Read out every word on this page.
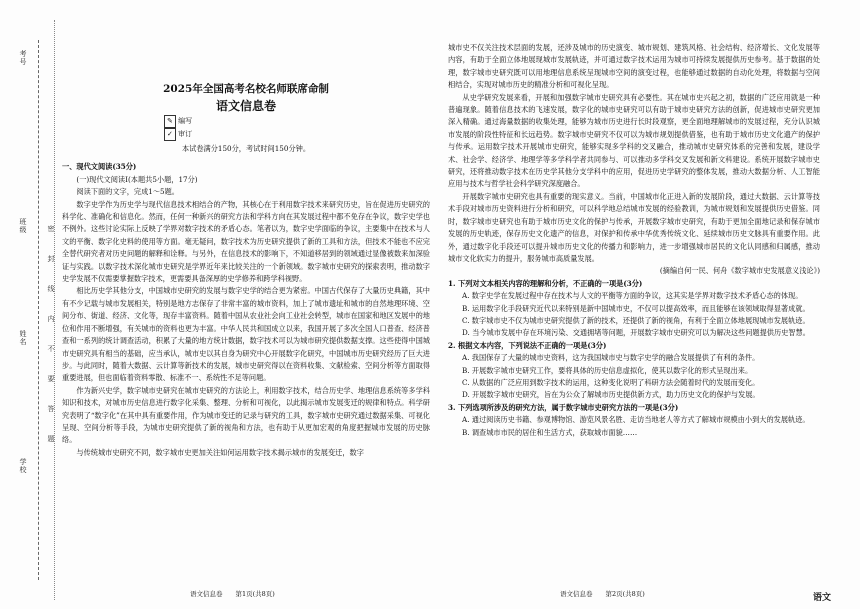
考号
班级
姓名
学校
密
封
线
内
不
要
答
题
2025年全国高考名校名师联席命制
语文信息卷
✎ 编写
✓ 审订
本试卷满分150分，考试时间150分钟。
一、现代文阅读(35分)
(一)现代文阅读Ⅰ(本题共5小题，17分)
阅读下面的文字，完成1～5题。

数字史学作为历史学与现代信息技术相结合的产物，其核心在于利用数字技术来研究历史，旨在促进历史研究的科学化、准确化和信息化。然而，任何一种新兴的研究方法和学科方向在其发展过程中都不免存在争议，数字史学也不例外。这些讨论实际上反映了学界对数字技术的矛盾心态。笔者以为，数字史学面临的争议，主要集中在技术与人文的平衡、数字化史料的使用等方面。毫无疑问，数字技术为历史研究提供了新的工具和方法，但技术不能也不应完全替代研究者对历史问题的解释和诠释。与另外，在信息技术的影响下，不知道移居到的领域通过显像被数来加深验证与实践。以数字技术深化城市史研究是学界近年来比较关注的一个新领域。数字城市史研究的探索表明，推动数字史学发展不仅需要掌握数字技术，更需要具备深厚的史学修养和跨学科视野。

相比历史学其他分支，中国城市史研究的发展与数字史学的结合更为紧密。中国古代保存了大量历史典籍，其中有不少记载与城市发展相关，特别是地方志保存了非常丰富的城市资料，加上了城市遗址和城市的自然地理环境、空间分布、街道、经济、文化等，现存丰富资料。随着中国从农业社会向工业社会转型，城市在国家和地区发展中的地位和作用不断增强，有关城市的资料也更为丰富。中华人民共和国成立以来，我国开展了多次全国人口普查、经济普查和一系列的统计调查活动，积累了大量的地方统计数据，数字技术可以为城市研究提供数据支撑。这些使得中国城市史研究具有相当的基础，应当承认，城市史以其自身为研究中心开展数字化研究，中国城市历史研究经历了巨大进步。与此同时，随着大数据、云计算等新技术的发展，城市史研究得以在资料收集、文献检索、空间分析等方面取得重要进展，但也面临着资料零散、标准不一、系统性不足等问题。

作为新兴史学，数字城市史研究在城市史研究的方法论上，利用数字技术，结合历史学、地理信息系统等多学科知识和技术，对城市历史信息进行数字化采集、整理、分析和可视化，以此揭示城市发展变迁的规律和特点。科学研究表明了“数字化”在其中具有重要作用，作为城市变迁的记录与研究的工具，数字城市史研究通过数据采集、可视化呈现、空间分析等手段，为城市史研究提供了新的视角和方法，也有助于从更加宏观的角度把握城市发展的历史脉络。

与传统城市史研究不同，数字城市史更加关注如何运用数字技术揭示城市的发展变迁，数字

城市史不仅关注技术层面的发展，还涉及城市的历史演变、城市规划、建筑风格、社会结构、经济增长、文化发展等内容，有助于全面立体地展现城市发展轨迹，并可通过数字技术运用为城市可持续发展提供历史参考。基于数据的处理，数字城市史研究既可以用地理信息系统呈现城市空间的演变过程，也能够通过数据的自动化处理，将数据与空间相结合，实现对城市历史的精准分析和可视化呈现。

从史学研究发展来看，开展和加强数字城市史研究具有必要性。其在城市史兴起之初，数据的广泛应用就是一种普遍现象。随着信息技术的飞速发展，数字化的城市史研究可以有助于城市史研究方法的创新，促进城市史研究更加深入精确。通过海量数据的收集处理，能够为城市历史进行长时段观察，更全面地理解城市的发展过程，充分认识城市发展的阶段性特征和长远趋势。数字城市史研究不仅可以为城市规划提供借鉴，也有助于城市历史文化遗产的保护与传承。运用数字技术开展城市史研究，能够实现多学科的交叉融合，推动城市史研究体系的完善和发展，建设学术、社会学、经济学、地理学等多学科学者共同参与、可以推动多学科交叉发展和新文科建设。系统开展数字城市史研究，还将推动数字技术在历史学其他分支学科中的应用，促进历史学研究的整体发展，推动大数据分析、人工智能应用与技术与哲学社会科学研究深度融合。

开展数字城市史研究也具有重要的现实意义。当前，中国城市化正进入新的发展阶段，通过大数据、云计算等技术手段对城市历史资料进行分析和研究，可以科学地总结城市发展的经验教训，为城市规划和发展提供历史借鉴。同时，数字城市史研究也有助于城市历史文化的保护与传承，开展数字城市史研究，有助于更加全面地记录和保存城市发展的历史轨迹，保存历史文化遗产的信息，对保护和传承中华优秀传统文化、延续城市历史文脉具有重要作用。此外，通过数字化手段还可以提升城市历史文化的传播力和影响力，进一步增强城市居民的文化认同感和归属感，推动城市文化软实力的提升，服务城市高质量发展。

(摘编自何一民、何舟《数字城市史发展意义浅论》)

1. 下列对文本相关内容的理解和分析，不正确的一项是(3分)

A. 数字史学在发展过程中存在技术与人文的平衡等方面的争议，这其实是学界对数字技术矛盾心态的体现。

B. 运用数字化手段研究近代以来特别是新中国城市史，不仅可以提高效率，而且能够在该领域取得显著成就。

C. 数字城市史不仅为城市史研究提供了新的技术，还提供了新的视角，有利于全面立体地展现城市发展轨迹。

D. 当今城市发展中存在环境污染、交通拥堵等问题，开展数字城市史研究可以为解决这些问题提供历史智慧。

2. 根据文本内容，下列说法不正确的一项是(3分)

A. 我国保存了大量的城市史资料，这为我国城市史与数字史学的融合发展提供了有利的条件。

B. 开展数字城市史研究工作，要将具体的历史信息虚拟化，使其以数字化的形式呈现出来。

C. 从数据的广泛应用到数字技术的运用，这种变化说明了科研方法会随着时代的发展而变化。

D. 开展数字城市史研究，旨在为公众了解城市历史提供新方式，助力历史文化的保护与发展。

3. 下列选项所涉及的研究方法，属于数字城市史研究方法的一项是(3分)

A. 通过阅读历史书籍、参观博物馆、游览风景名胜、走访当地老人等方式了解城市规模由小到大的发展轨迹。

B. 调查城市市民的居住和生活方式，获取城市面貌……

语文信息卷　　第1页(共8页)	语文信息卷　　第2页(共8页)	语文
